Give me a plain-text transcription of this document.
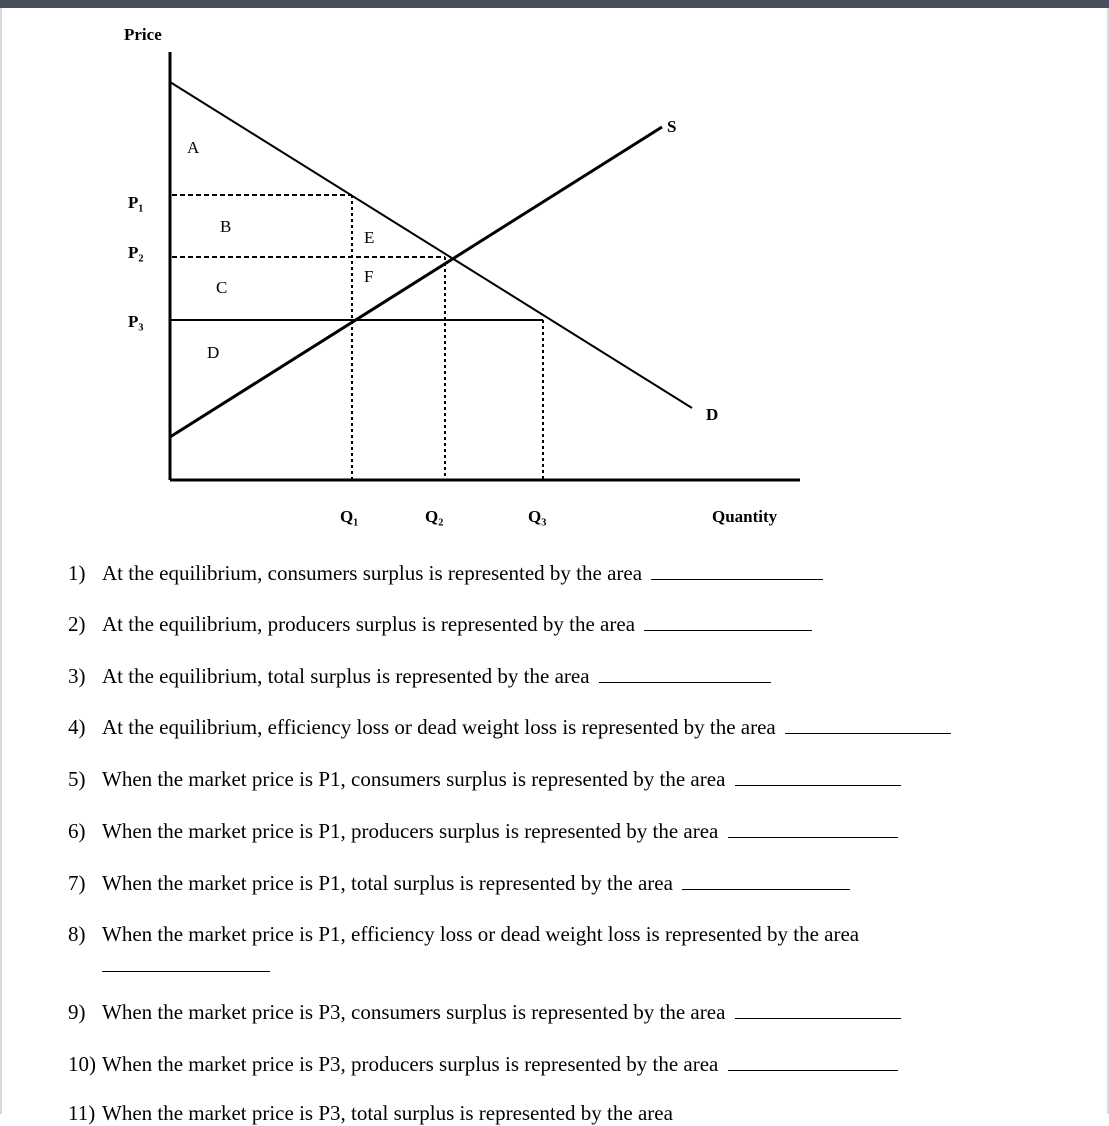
Price
Quantity
S
D
P₁
P₂
P₃
Q₁	Q₂	Q₃
A
B
C
D
E
F
1) At the equilibrium, consumers surplus is represented by the area
2) At the equilibrium, producers surplus is represented by the area
3) At the equilibrium, total surplus is represented by the area
4) At the equilibrium, efficiency loss or dead weight loss is represented by the area
5) When the market price is P1, consumers surplus is represented by the area
6) When the market price is P1, producers surplus is represented by the area
7) When the market price is P1, total surplus is represented by the area
8) When the market price is P1, efficiency loss or dead weight loss is represented by the area
9) When the market price is P3, consumers surplus is represented by the area
10) When the market price is P3, producers surplus is represented by the area
11) When the market price is P3, total surplus is represented by the area
